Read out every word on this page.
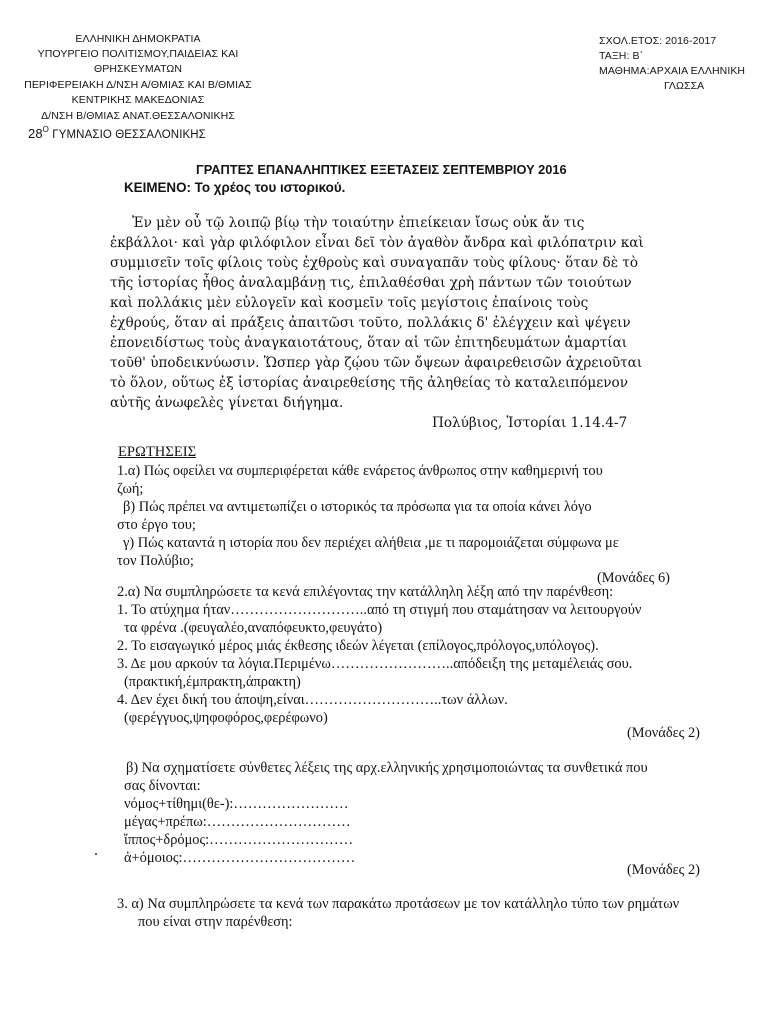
ΕΛΛΗΝΙΚΗ ΔΗΜΟΚΡΑΤΙΑ
ΥΠΟΥΡΓΕΙΟ ΠΟΛΙΤΙΣΜΟΥ,ΠΑΙΔΕΙΑΣ ΚΑΙ
ΘΡΗΣΚΕΥΜΑΤΩΝ
ΠΕΡΙΦΕΡΕΙΑΚΗ Δ/ΝΣΗ Α/ΘΜΙΑΣ ΚΑΙ Β/ΘΜΙΑΣ
ΚΕΝΤΡΙΚΗΣ ΜΑΚΕΔΟΝΙΑΣ
Δ/ΝΣΗ Β/ΘΜΙΑΣ ΑΝΑΤ.ΘΕΣΣΑΛΟΝΙΚΗΣ
$28^O$ ΓΥΜΝΑΣΙΟ ΘΕΣΣΑΛΟΝΙΚΗΣ
ΣΧΟΛ.ΕΤΟΣ: 2016-2017
ΤΑΞΗ: Β΄
ΜΑΘΗΜΑ:ΑΡΧΑΙΑ ΕΛΛΗΝΙΚΗ
ΓΛΩΣΣΑ
ΓΡΑΠΤΕΣ ΕΠΑΝΑΛΗΠΤΙΚΕΣ ΕΞΕΤΑΣΕΙΣ ΣΕΠΤΕΜΒΡΙΟΥ 2016
ΚΕΙΜΕΝΟ: Το χρέος του ιστορικού.
Ἐν μὲν οὖ τῷ λοιπῷ βίῳ τὴν τοιαύτην ἐπιείκειαν ἴσως οὐκ ἄν τις
ἐκβάλλοι· καὶ γὰρ φιλόφιλον εἶναι δεῖ τὸν ἀγαθὸν ἄνδρα καὶ φιλόπατριν καὶ
συμμισεῖν τοῖς φίλοις τοὺς ἐχθροὺς καὶ συναγαπᾶν τοὺς φίλους· ὅταν δὲ τὸ
τῆς ἱστορίας ἦθος ἀναλαμβάνῃ τις, ἐπιλαθέσθαι χρὴ πάντων τῶν τοιούτων
καὶ πολλάκις μὲν εὐλογεῖν καὶ κοσμεῖν τοῖς μεγίστοις ἐπαίνοις τοὺς
ἐχθρούς, ὅταν αἱ πράξεις ἀπαιτῶσι τοῦτο, πολλάκις δ' ἐλέγχειν καὶ ψέγειν
ἐπονειδίστως τοὺς ἀναγκαιοτάτους, ὅταν αἱ τῶν ἐπιτηδευμάτων ἁμαρτίαι
τοῦθ' ὑποδεικνύωσιν. Ὥσπερ γὰρ ζῴου τῶν ὄψεων ἀφαιρεθεισῶν ἀχρειοῦται
τὸ ὅλον, οὕτως ἐξ ἱστορίας ἀναιρεθείσης τῆς ἀληθείας τὸ καταλειπόμενον
αὐτῆς ἀνωφελὲς γίνεται διήγημα.
Πολύβιος, Ἱστορίαι 1.14.4-7
ΕΡΩΤΗΣΕΙΣ
1.α) Πώς οφείλει να συμπεριφέρεται κάθε ενάρετος άνθρωπος στην καθημερινή του
ζωή;
β) Πώς πρέπει να αντιμετωπίζει ο ιστορικός τα πρόσωπα για τα οποία κάνει λόγο
στο έργο του;
γ) Πώς καταντά η ιστορία που δεν περιέχει αλήθεια ,με τι παρομοιάζεται σύμφωνα με
τον Πολύβιο;
(Μονάδες 6)
2.α) Να συμπληρώσετε τα κενά επιλέγοντας την κατάλληλη λέξη από την παρένθεση:
1. Το ατύχημα ήταν………………………..από τη στιγμή που σταμάτησαν να λειτουργούν
τα φρένα .(φευγαλέο,αναπόφευκτο,φευγάτο)
2. Το εισαγωγικό μέρος μιάς έκθεσης ιδεών λέγεται (επίλογος,πρόλογος,υπόλογος).
3. Δε μου αρκούν τα λόγια.Περιμένω……………………..απόδειξη της μεταμέλειάς σου.
(πρακτική,έμπρακτη,άπρακτη)
4. Δεν έχει δική του άποψη,είναι………………………..των άλλων.
(φερέγγυος,ψηφοφόρος,φερέφωνο)
(Μονάδες 2)
β) Να σχηματίσετε σύνθετες λέξεις της αρχ.ελληνικής χρησιμοποιώντας τα συνθετικά που
σας δίνονται:
νόμος+τίθημι(θε-):……………………
μέγας+πρέπω:…………………………
ἵππος+δρόμος:…………………………
ἀ+όμοιος:………………………………
(Μονάδες 2)
3. α) Να συμπληρώσετε τα κενά των παρακάτω προτάσεων με τον κατάλληλο τύπο των ρημάτων
που είναι στην παρένθεση:
